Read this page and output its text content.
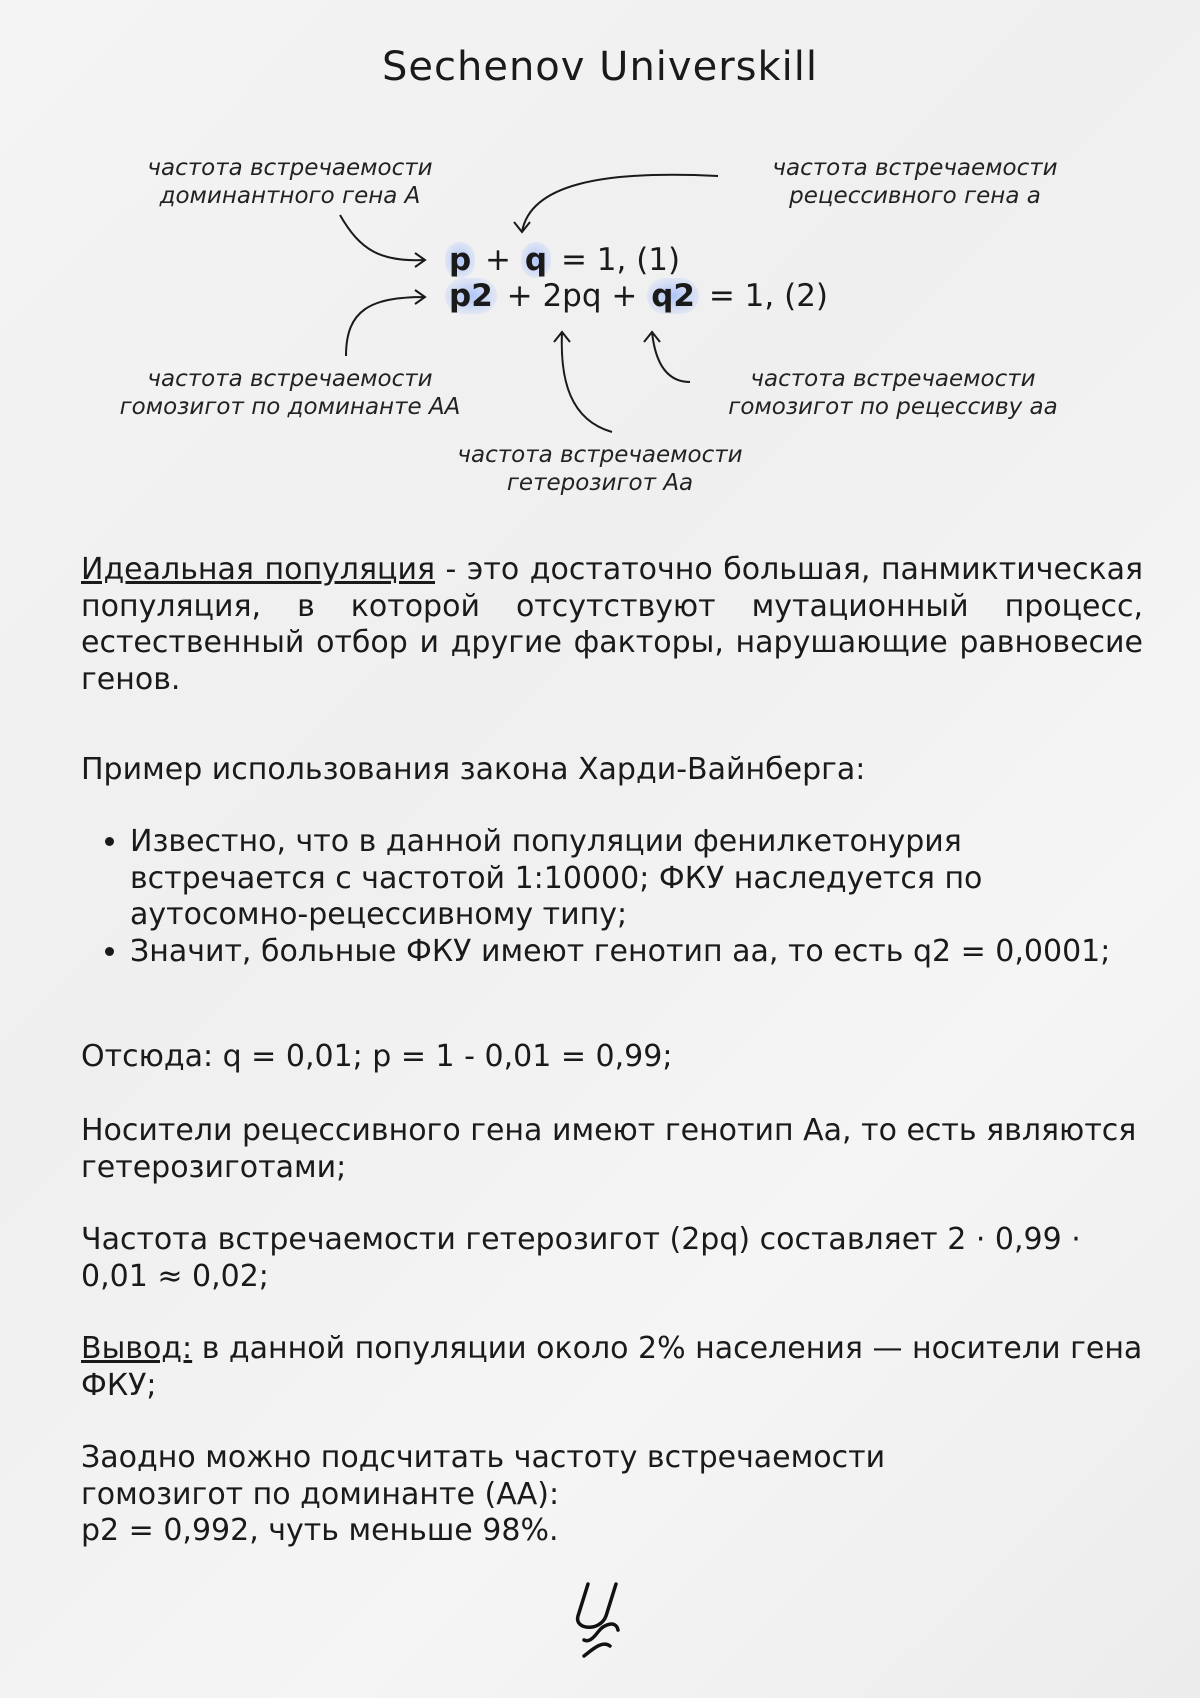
Sechenov Universkill
частота встречаемости
доминантного гена А
частота встречаемости
рецессивного гена а
частота встречаемости
гомозигот по доминанте АА
частота встречаемости
гомозигот по рецессиву аа
частота встречаемости
гетерозигот Аа
p + q = 1, (1)
p2 + 2pq + q2 = 1, (2)
Идеальная популяция - это достаточно большая, панмиктическая популяция, в которой отсутствуют мутационный процесс, естественный отбор и другие факторы, нарушающие равновесие генов.
Пример использования закона Харди-Вайнберга:
• Известно, что в данной популяции фенилкетонурия встречается с частотой 1:10000; ФКУ наследуется по аутосомно-рецессивному типу;
• Значит, больные ФКУ имеют генотип аа, то есть q2 = 0,0001;
Отсюда: q = 0,01; p = 1 - 0,01 = 0,99;
Носители рецессивного гена имеют генотип Аа, то есть являются гетерозиготами;
Частота встречаемости гетерозигот (2pq) составляет 2 · 0,99 · 0,01 ≈ 0,02;
Вывод: в данной популяции около 2% населения — носители гена ФКУ;
Заодно можно подсчитать частоту встречаемости
гомозигот по доминанте (АА):
p2 = 0,992, чуть меньше 98%.
